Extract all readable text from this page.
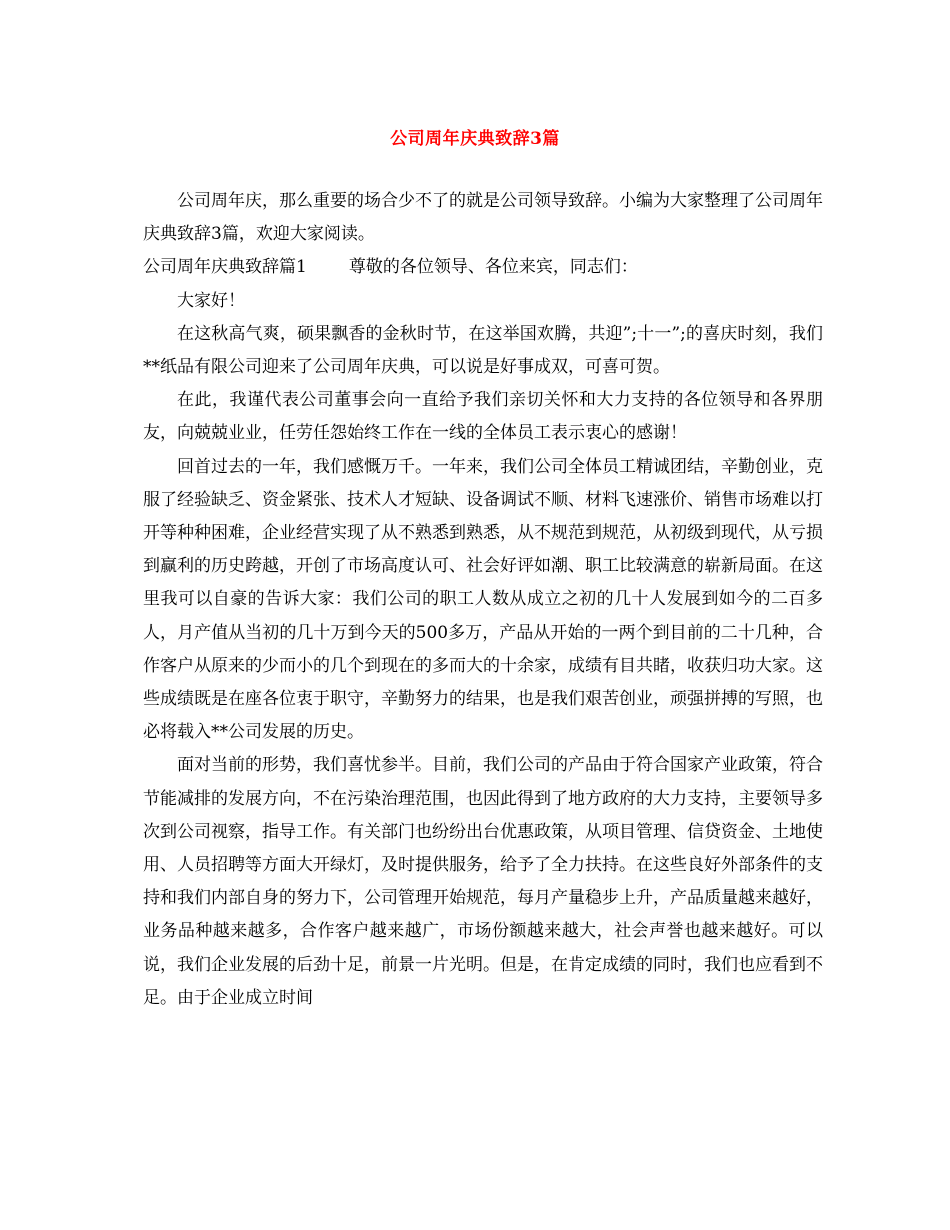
公司周年庆典致辞3篇

公司周年庆，那么重要的场合少不了的就是公司领导致辞。小编为大家整理了公司周年庆典致辞3篇，欢迎大家阅读。

公司周年庆典致辞篇1 尊敬的各位领导、各位来宾，同志们：

大家好！

在这秋高气爽，硕果飘香的金秋时节，在这举国欢腾，共迎”;十一”;的喜庆时刻，我们**纸品有限公司迎来了公司周年庆典，可以说是好事成双，可喜可贺。

在此，我谨代表公司董事会向一直给予我们亲切关怀和大力支持的各位领导和各界朋友，向兢兢业业，任劳任怨始终工作在一线的全体员工表示衷心的感谢！

回首过去的一年，我们感慨万千。一年来，我们公司全体员工精诚团结，辛勤创业，克服了经验缺乏、资金紧张、技术人才短缺、设备调试不顺、材料飞速涨价、销售市场难以打开等种种困难，企业经营实现了从不熟悉到熟悉，从不规范到规范，从初级到现代，从亏损到赢利的历史跨越，开创了市场高度认可、社会好评如潮、职工比较满意的崭新局面。在这里我可以自豪的告诉大家：我们公司的职工人数从成立之初的几十人发展到如今的二百多人，月产值从当初的几十万到今天的500多万，产品从开始的一两个到目前的二十几种，合作客户从原来的少而小的几个到现在的多而大的十余家，成绩有目共睹，收获归功大家。这些成绩既是在座各位衷于职守，辛勤努力的结果，也是我们艰苦创业，顽强拼搏的写照，也必将载入**公司发展的历史。

面对当前的形势，我们喜忧参半。目前，我们公司的产品由于符合国家产业政策，符合节能减排的发展方向，不在污染治理范围，也因此得到了地方政府的大力支持，主要领导多次到公司视察，指导工作。有关部门也纷纷出台优惠政策，从项目管理、信贷资金、土地使用、人员招聘等方面大开绿灯，及时提供服务，给予了全力扶持。在这些良好外部条件的支持和我们内部自身的努力下，公司管理开始规范，每月产量稳步上升，产品质量越来越好，业务品种越来越多，合作客户越来越广，市场份额越来越大，社会声誉也越来越好。可以说，我们企业发展的后劲十足，前景一片光明。但是，在肯定成绩的同时，我们也应看到不足。由于企业成立时间
